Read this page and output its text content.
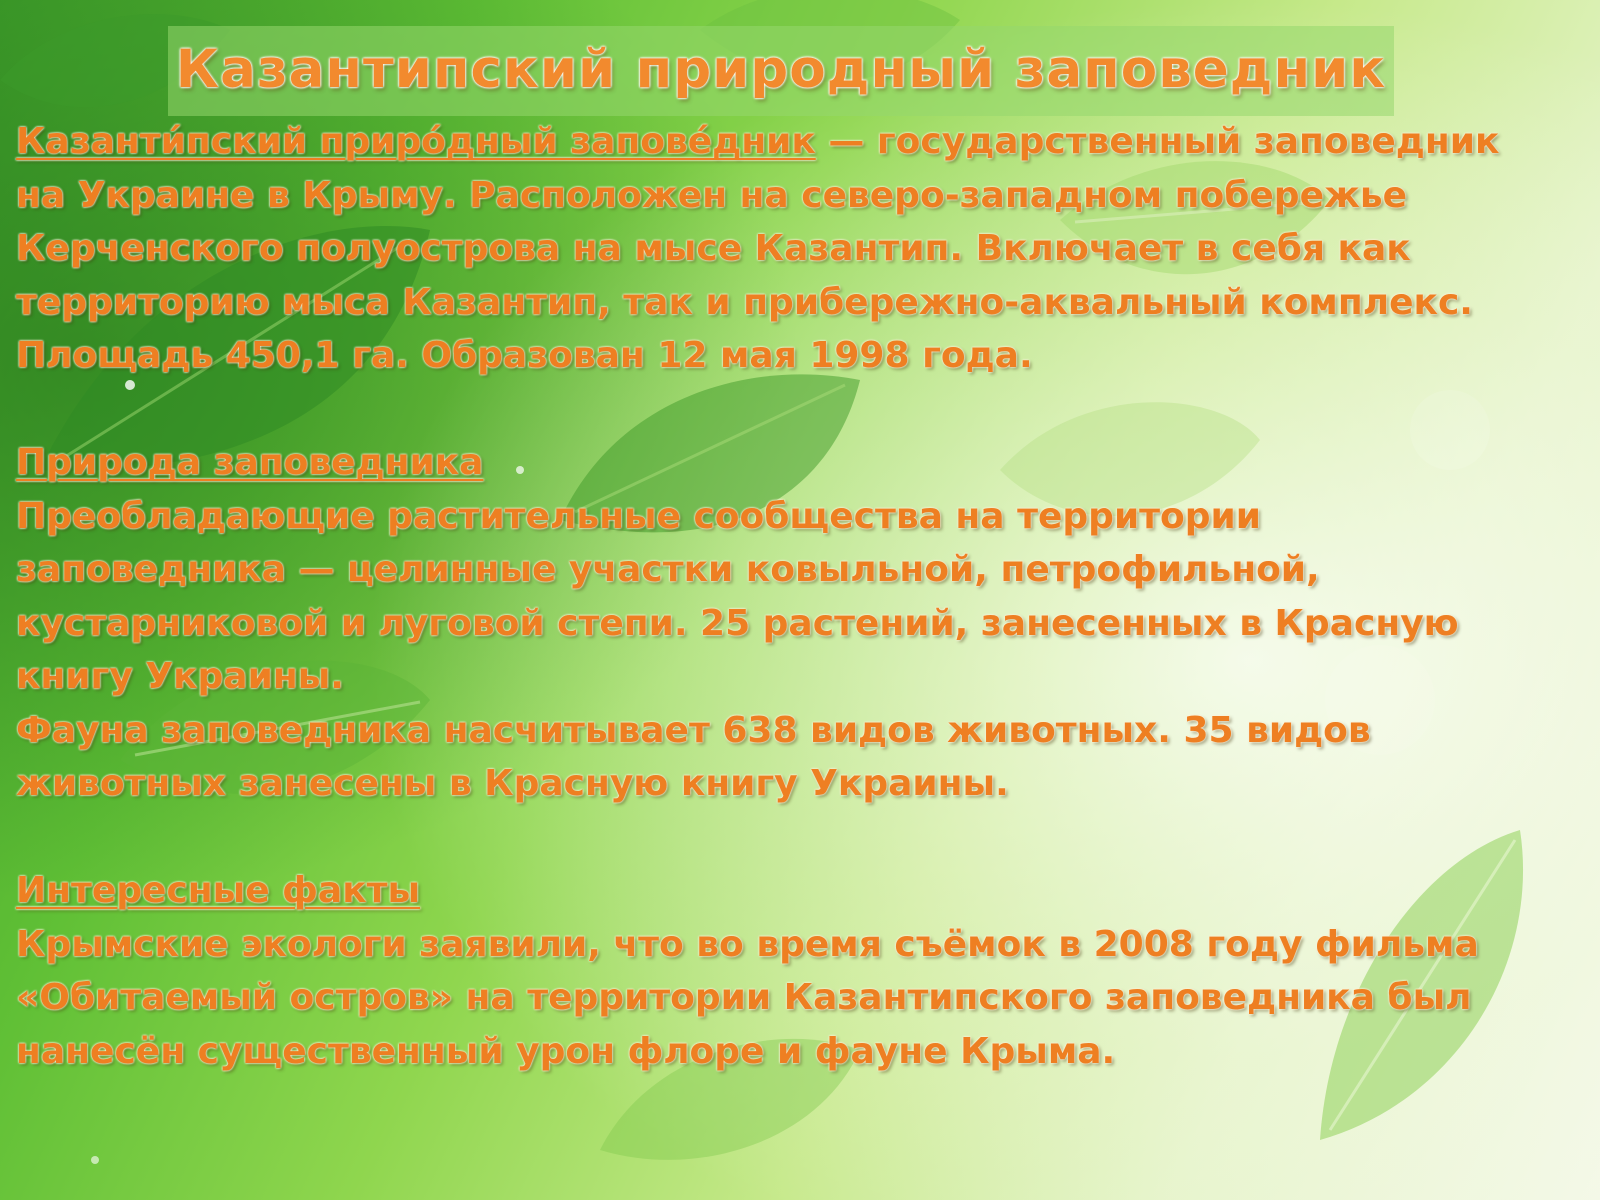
Казантипский природный заповедник

Казанти́пский приро́дный запове́дник — государственный заповедник на Украине в Крыму. Расположен на северо-западном побережье Керченского полуострова на мысе Казантип. Включает в себя как территорию мыса Казантип, так и прибережно-аквальный комплекс. Площадь 450,1 га. Образован 12 мая 1998 года.

Природа заповедника

Преобладающие растительные сообщества на территории заповедника — целинные участки ковыльной, петрофильной, кустарниковой и луговой степи. 25 растений, занесенных в Красную книгу Украины.

Фауна заповедника насчитывает 638 видов животных. 35 видов животных занесены в Красную книгу Украины.

Интересные факты

Крымские экологи заявили, что во время съёмок в 2008 году фильма «Обитаемый остров» на территории Казантипского заповедника был нанесён существенный урон флоре и фауне Крыма.
